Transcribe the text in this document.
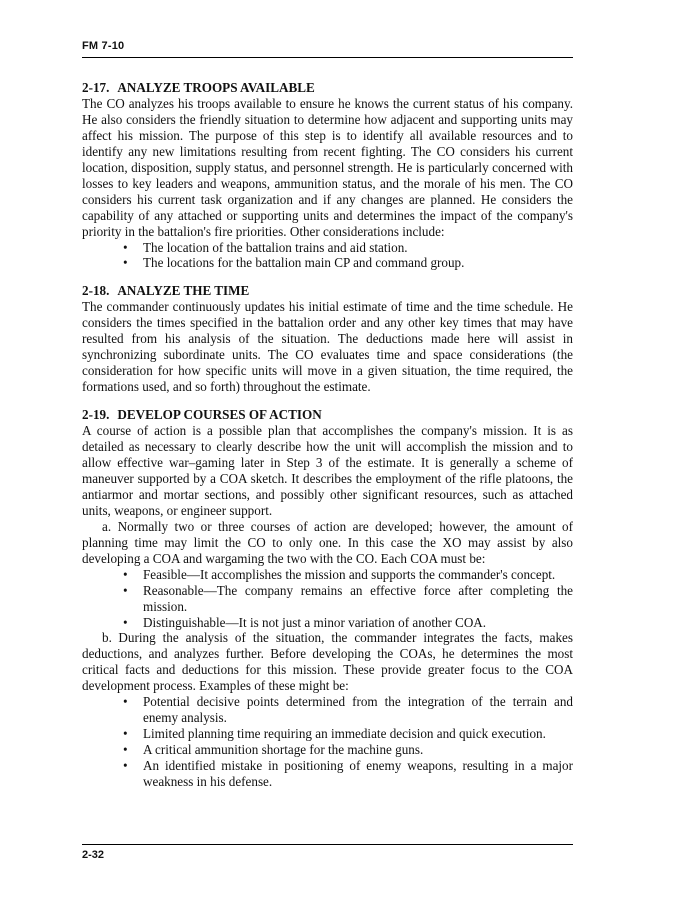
FM 7-10
2-17. ANALYZE TROOPS AVAILABLE

The CO analyzes his troops available to ensure he knows the current status of his company. He also considers the friendly situation to determine how adjacent and supporting units may affect his mission. The purpose of this step is to identify all available resources and to identify any new limitations resulting from recent fighting. The CO considers his current location, disposition, supply status, and personnel strength. He is particularly concerned with losses to key leaders and weapons, ammunition status, and the morale of his men. The CO considers his current task organization and if any changes are planned. He considers the capability of any attached or supporting units and determines the impact of the company's priority in the battalion's fire priorities. Other considerations include:

• The location of the battalion trains and aid station.
• The locations for the battalion main CP and command group.
2-18. ANALYZE THE TIME

The commander continuously updates his initial estimate of time and the time schedule. He considers the times specified in the battalion order and any other key times that may have resulted from his analysis of the situation. The deductions made here will assist in synchronizing subordinate units. The CO evaluates time and space considerations (the consideration for how specific units will move in a given situation, the time required, the formations used, and so forth) throughout the estimate.

2-19. DEVELOP COURSES OF ACTION

A course of action is a possible plan that accomplishes the company's mission. It is as detailed as necessary to clearly describe how the unit will accomplish the mission and to allow effective war–gaming later in Step 3 of the estimate. It is generally a scheme of maneuver supported by a COA sketch. It describes the employment of the rifle platoons, the antiarmor and mortar sections, and possibly other significant resources, such as attached units, weapons, or engineer support.

a. Normally two or three courses of action are developed; however, the amount of planning time may limit the CO to only one. In this case the XO may assist by also developing a COA and wargaming the two with the CO. Each COA must be:

• Feasible—It accomplishes the mission and supports the commander's concept.
• Reasonable—The company remains an effective force after completing the mission.
• Distinguishable—It is not just a minor variation of another COA.

b. During the analysis of the situation, the commander integrates the facts, makes deductions, and analyzes further. Before developing the COAs, he determines the most critical facts and deductions for this mission. These provide greater focus to the COA development process. Examples of these might be:

• Potential decisive points determined from the integration of the terrain and enemy analysis.
• Limited planning time requiring an immediate decision and quick execution.
• A critical ammunition shortage for the machine guns.
• An identified mistake in positioning of enemy weapons, resulting in a major weakness in his defense.
2-32
